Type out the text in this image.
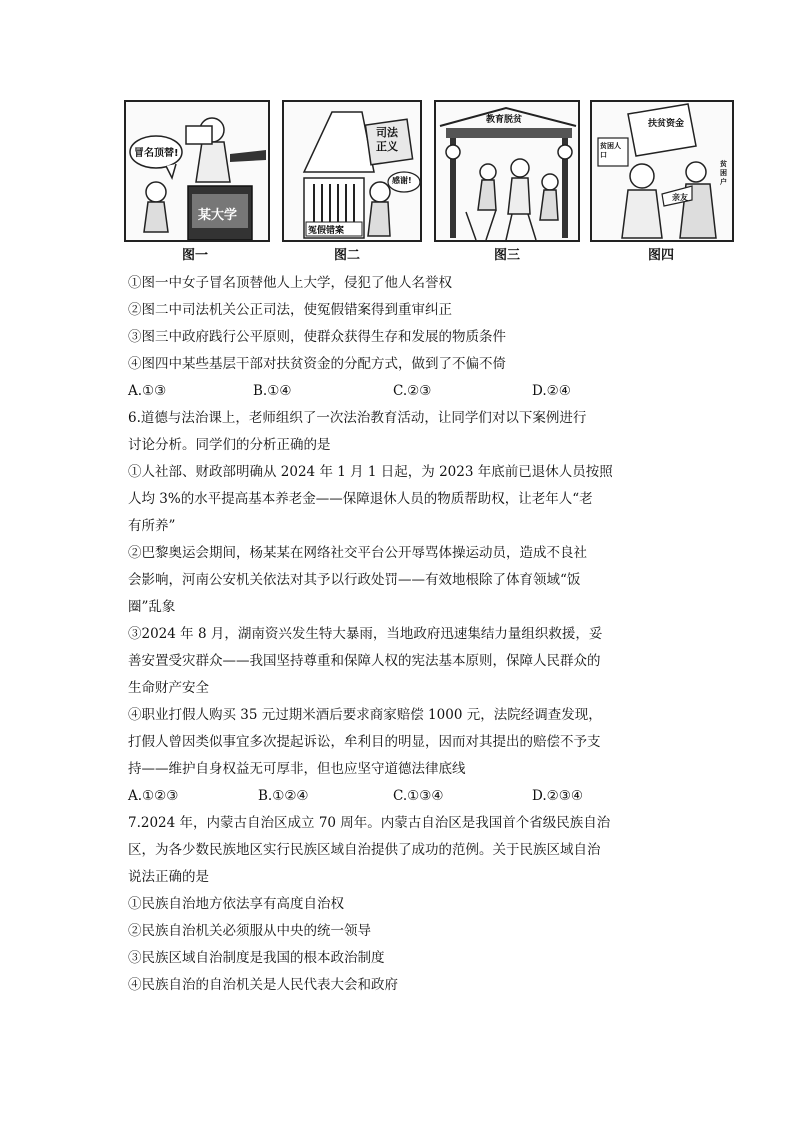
冒名顶替!
某大学
图一
司法正义
感谢!
冤假错案
图二
教育脱贫
图三
扶贫资金
贫困人口
亲友
贫困户
图四
①图一中女子冒名顶替他人上大学，侵犯了他人名誉权
②图二中司法机关公正司法，使冤假错案得到重审纠正
③图三中政府践行公平原则，使群众获得生存和发展的物质条件
④图四中某些基层干部对扶贫资金的分配方式，做到了不偏不倚
A.①③	B.①④	C.②③	D.②④
6.道德与法治课上，老师组织了一次法治教育活动，让同学们对以下案例进行
讨论分析。同学们的分析正确的是
①人社部、财政部明确从 2024 年 1 月 1 日起，为 2023 年底前已退休人员按照
人均 3%的水平提高基本养老金——保障退休人员的物质帮助权，让老年人“老
有所养”
②巴黎奥运会期间，杨某某在网络社交平台公开辱骂体操运动员，造成不良社
会影响，河南公安机关依法对其予以行政处罚——有效地根除了体育领域“饭
圈”乱象
③2024 年 8 月，湖南资兴发生特大暴雨，当地政府迅速集结力量组织救援，妥
善安置受灾群众——我国坚持尊重和保障人权的宪法基本原则，保障人民群众的
生命财产安全
④职业打假人购买 35 元过期米酒后要求商家赔偿 1000 元，法院经调查发现，
打假人曾因类似事宜多次提起诉讼，牟利目的明显，因而对其提出的赔偿不予支
持——维护自身权益无可厚非，但也应坚守道德法律底线
A.①②③	B.①②④	C.①③④	D.②③④
7.2024 年，内蒙古自治区成立 70 周年。内蒙古自治区是我国首个省级民族自治
区，为各少数民族地区实行民族区域自治提供了成功的范例。关于民族区域自治
说法正确的是
①民族自治地方依法享有高度自治权
②民族自治机关必须服从中央的统一领导
③民族区域自治制度是我国的根本政治制度
④民族自治的自治机关是人民代表大会和政府
